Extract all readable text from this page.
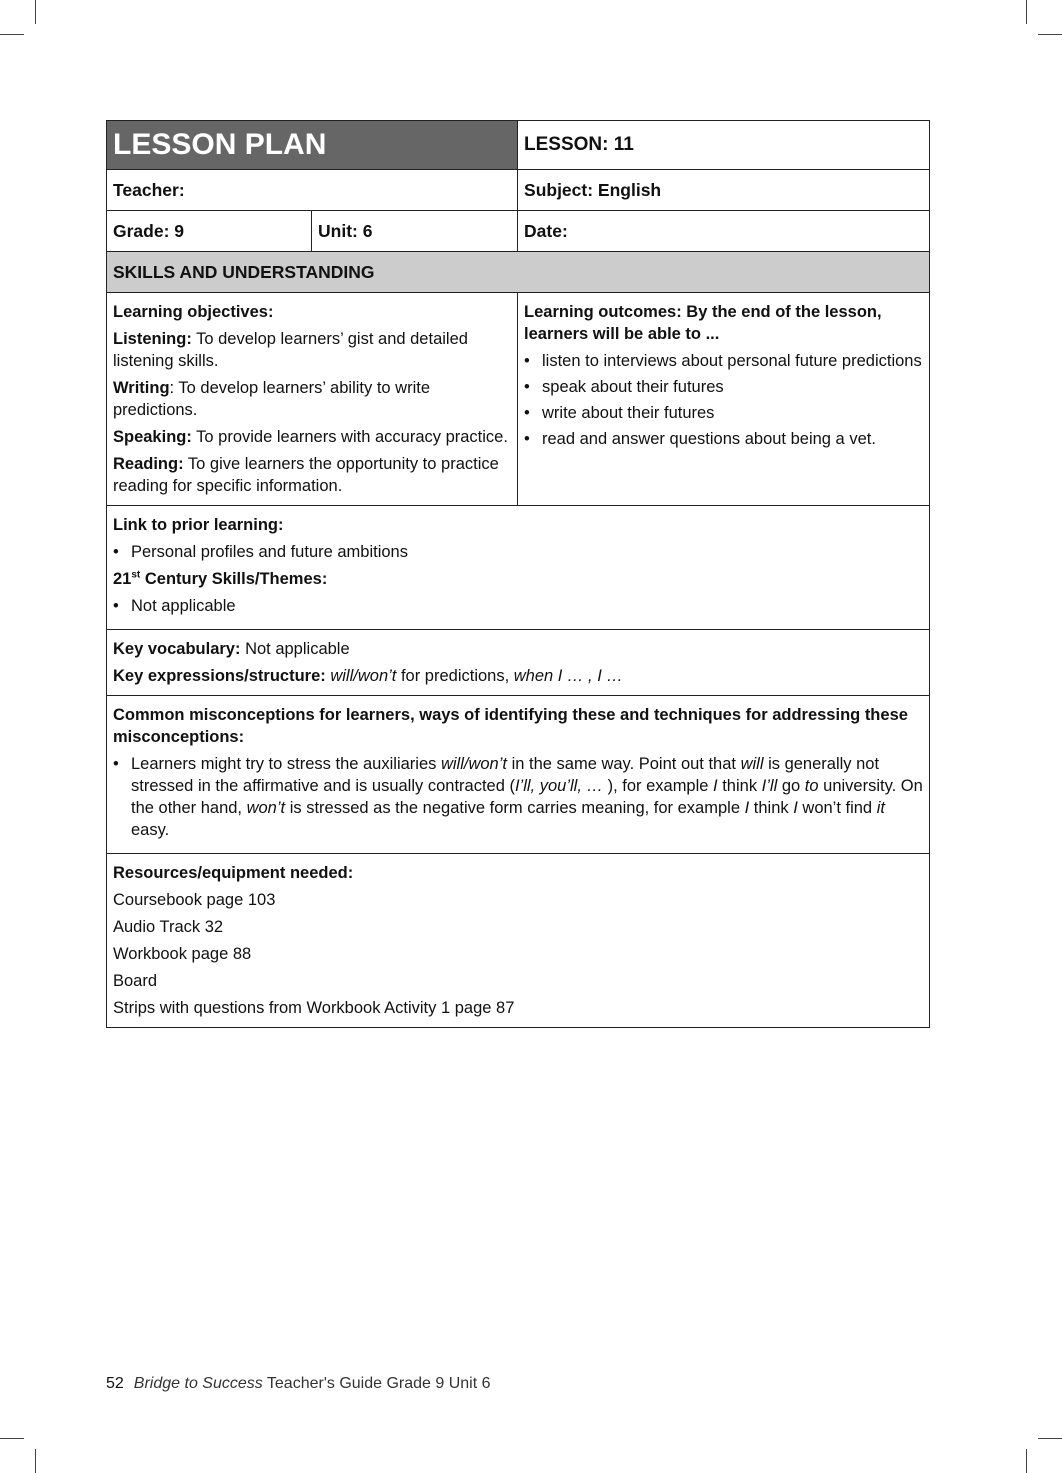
LESSON PLAN		LESSON: 11
Teacher:		Subject: English
Grade: 9	Unit: 6	Date:
SKILLS AND UNDERSTANDING		

Learning objectives:

Listening: To develop learners’ gist and detailed listening skills.

Writing: To develop learners’ ability to write predictions.

Speaking: To provide learners with accuracy practice.

Reading: To give learners the opportunity to practice reading for specific information.

Learning outcomes: By the end of the lesson, learners will be able to ...

• listen to interviews about personal future predictions
• speak about their futures
• write about their futures
• read and answer questions about being a vet.

Link to prior learning:

• Personal profiles and future ambitions

21st Century Skills/Themes:

• Not applicable

Key vocabulary: Not applicable

Key expressions/structure: will/won’t for predictions, when I … , I …		

Common misconceptions for learners, ways of identifying these and techniques for addressing these misconceptions:

• Learners might try to stress the auxiliaries will/won’t in the same way. Point out that will is generally not stressed in the affirmative and is usually contracted (I’ll, you’ll, … ), for example I think I’ll go to university. On the other hand, won’t is stressed as the negative form carries meaning, for example I think I won’t find it easy.

Resources/equipment needed:

Coursebook page 103

Audio Track 32

Workbook page 88

Board

Strips with questions from Workbook Activity 1 page 87

52 Bridge to Success Teacher's Guide Grade 9 Unit 6
